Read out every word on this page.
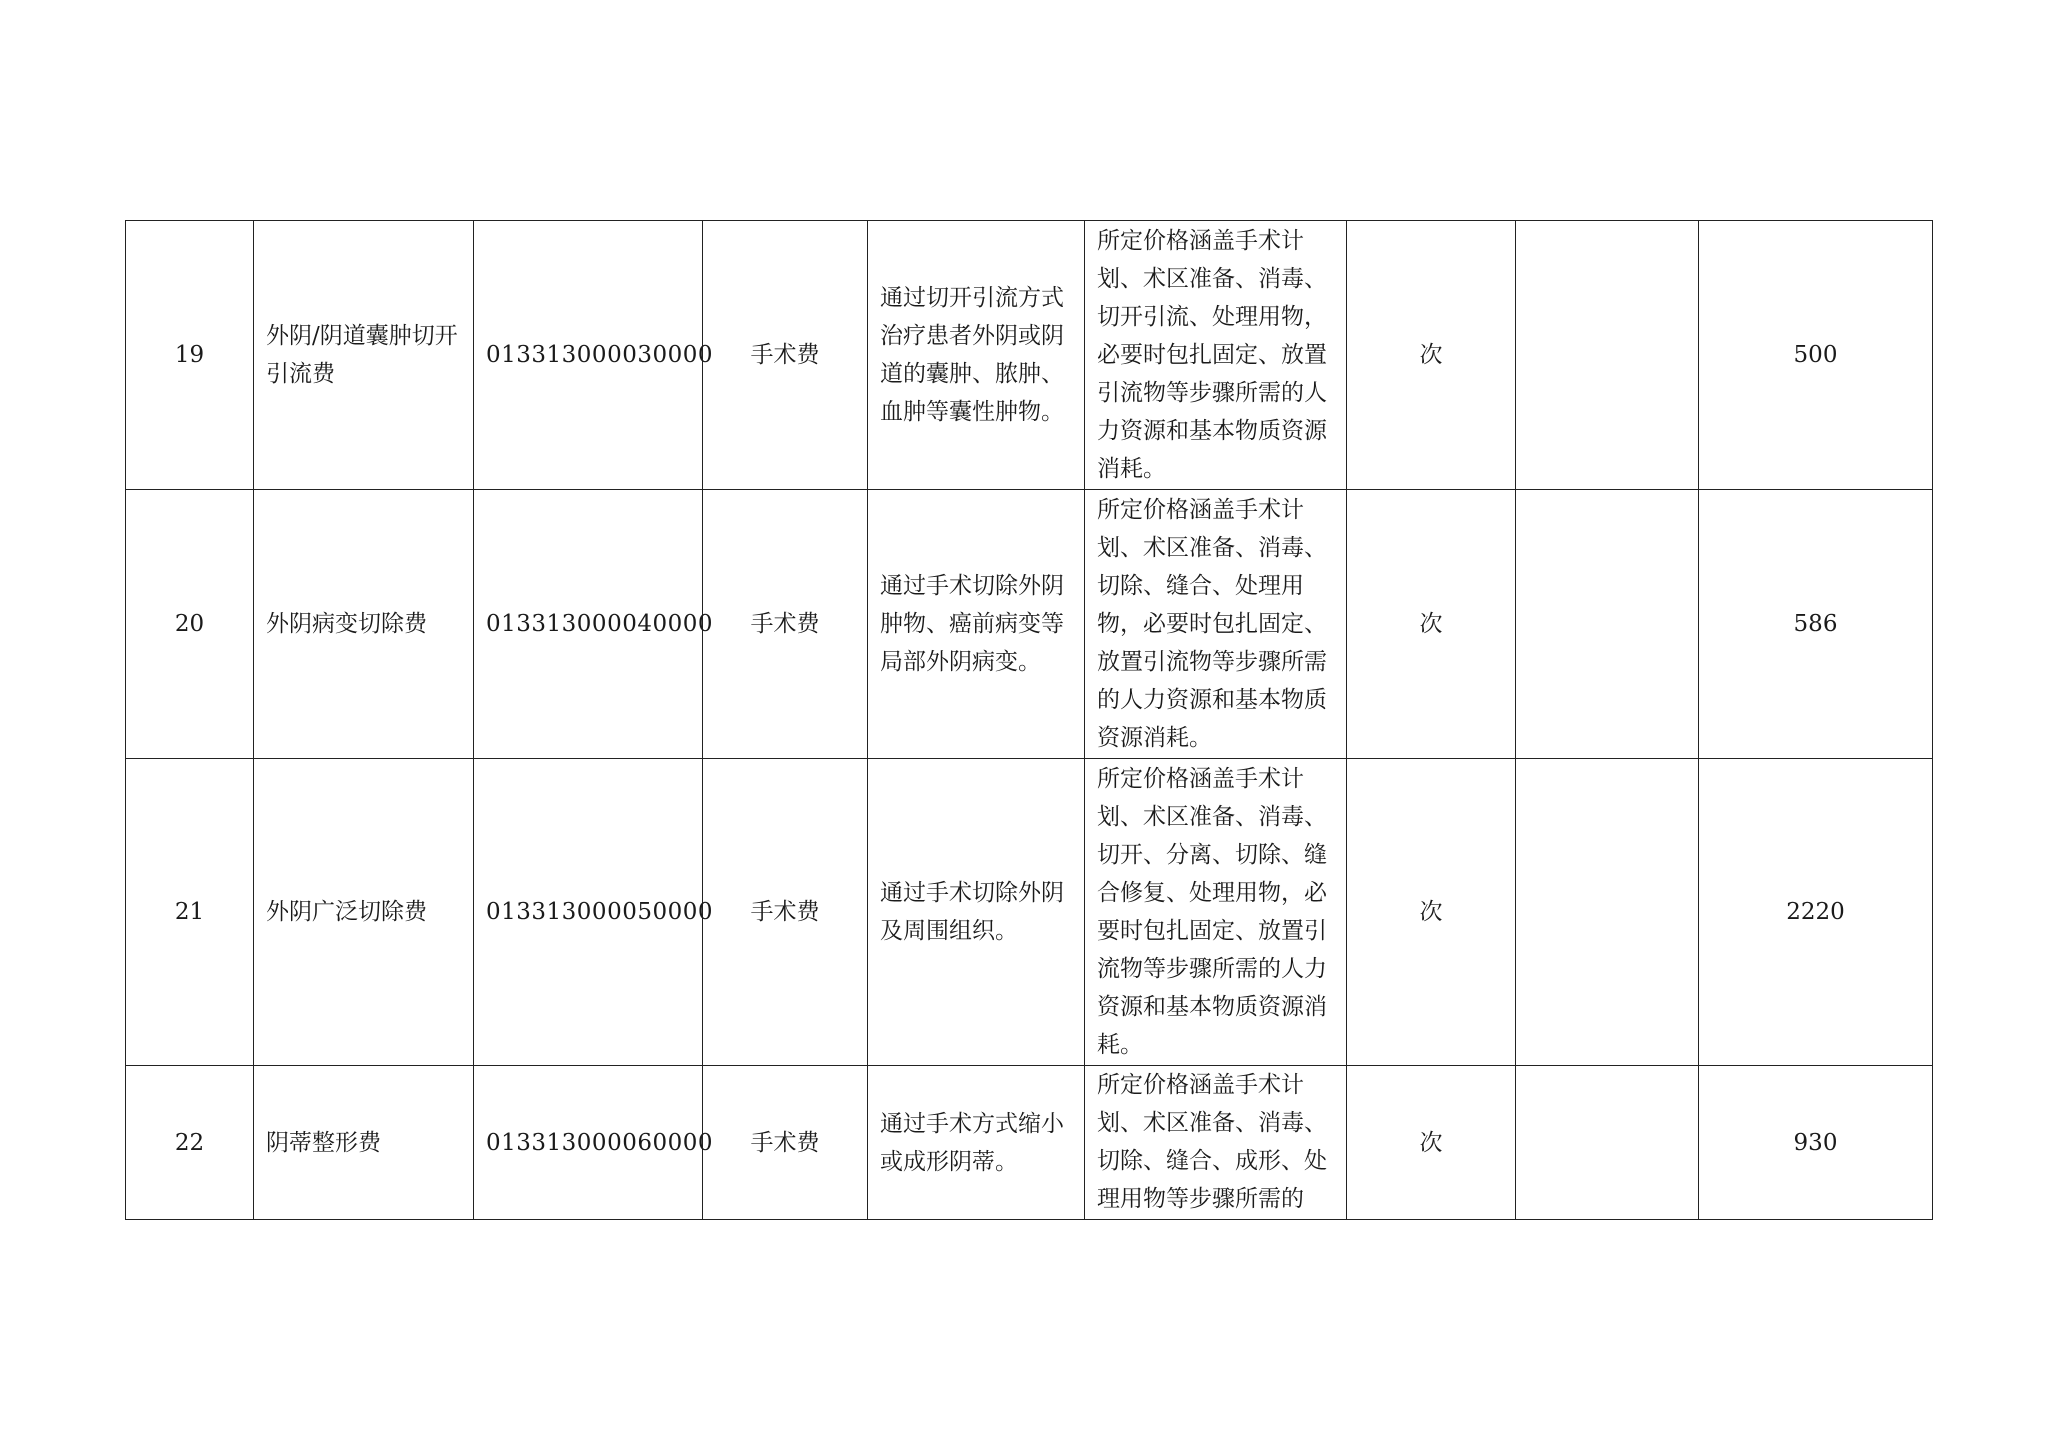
19	外阴/阴道囊肿切开引流费	013313000030000	手术费	通过切开引流方式治疗患者外阴或阴道的囊肿、脓肿、血肿等囊性肿物。	所定价格涵盖手术计划、术区准备、消毒、切开引流、处理用物，必要时包扎固定、放置引流物等步骤所需的人力资源和基本物质资源消耗。	次		500
20	外阴病变切除费	013313000040000	手术费	通过手术切除外阴肿物、癌前病变等局部外阴病变。	所定价格涵盖手术计划、术区准备、消毒、切除、缝合、处理用物，必要时包扎固定、放置引流物等步骤所需的人力资源和基本物质资源消耗。	次		586
21	外阴广泛切除费	013313000050000	手术费	通过手术切除外阴及周围组织。	所定价格涵盖手术计划、术区准备、消毒、切开、分离、切除、缝合修复、处理用物，必要时包扎固定、放置引流物等步骤所需的人力资源和基本物质资源消耗。	次		2220
22	阴蒂整形费	013313000060000	手术费	通过手术方式缩小或成形阴蒂。	所定价格涵盖手术计划、术区准备、消毒、切除、缝合、成形、处理用物等步骤所需的	次		930
